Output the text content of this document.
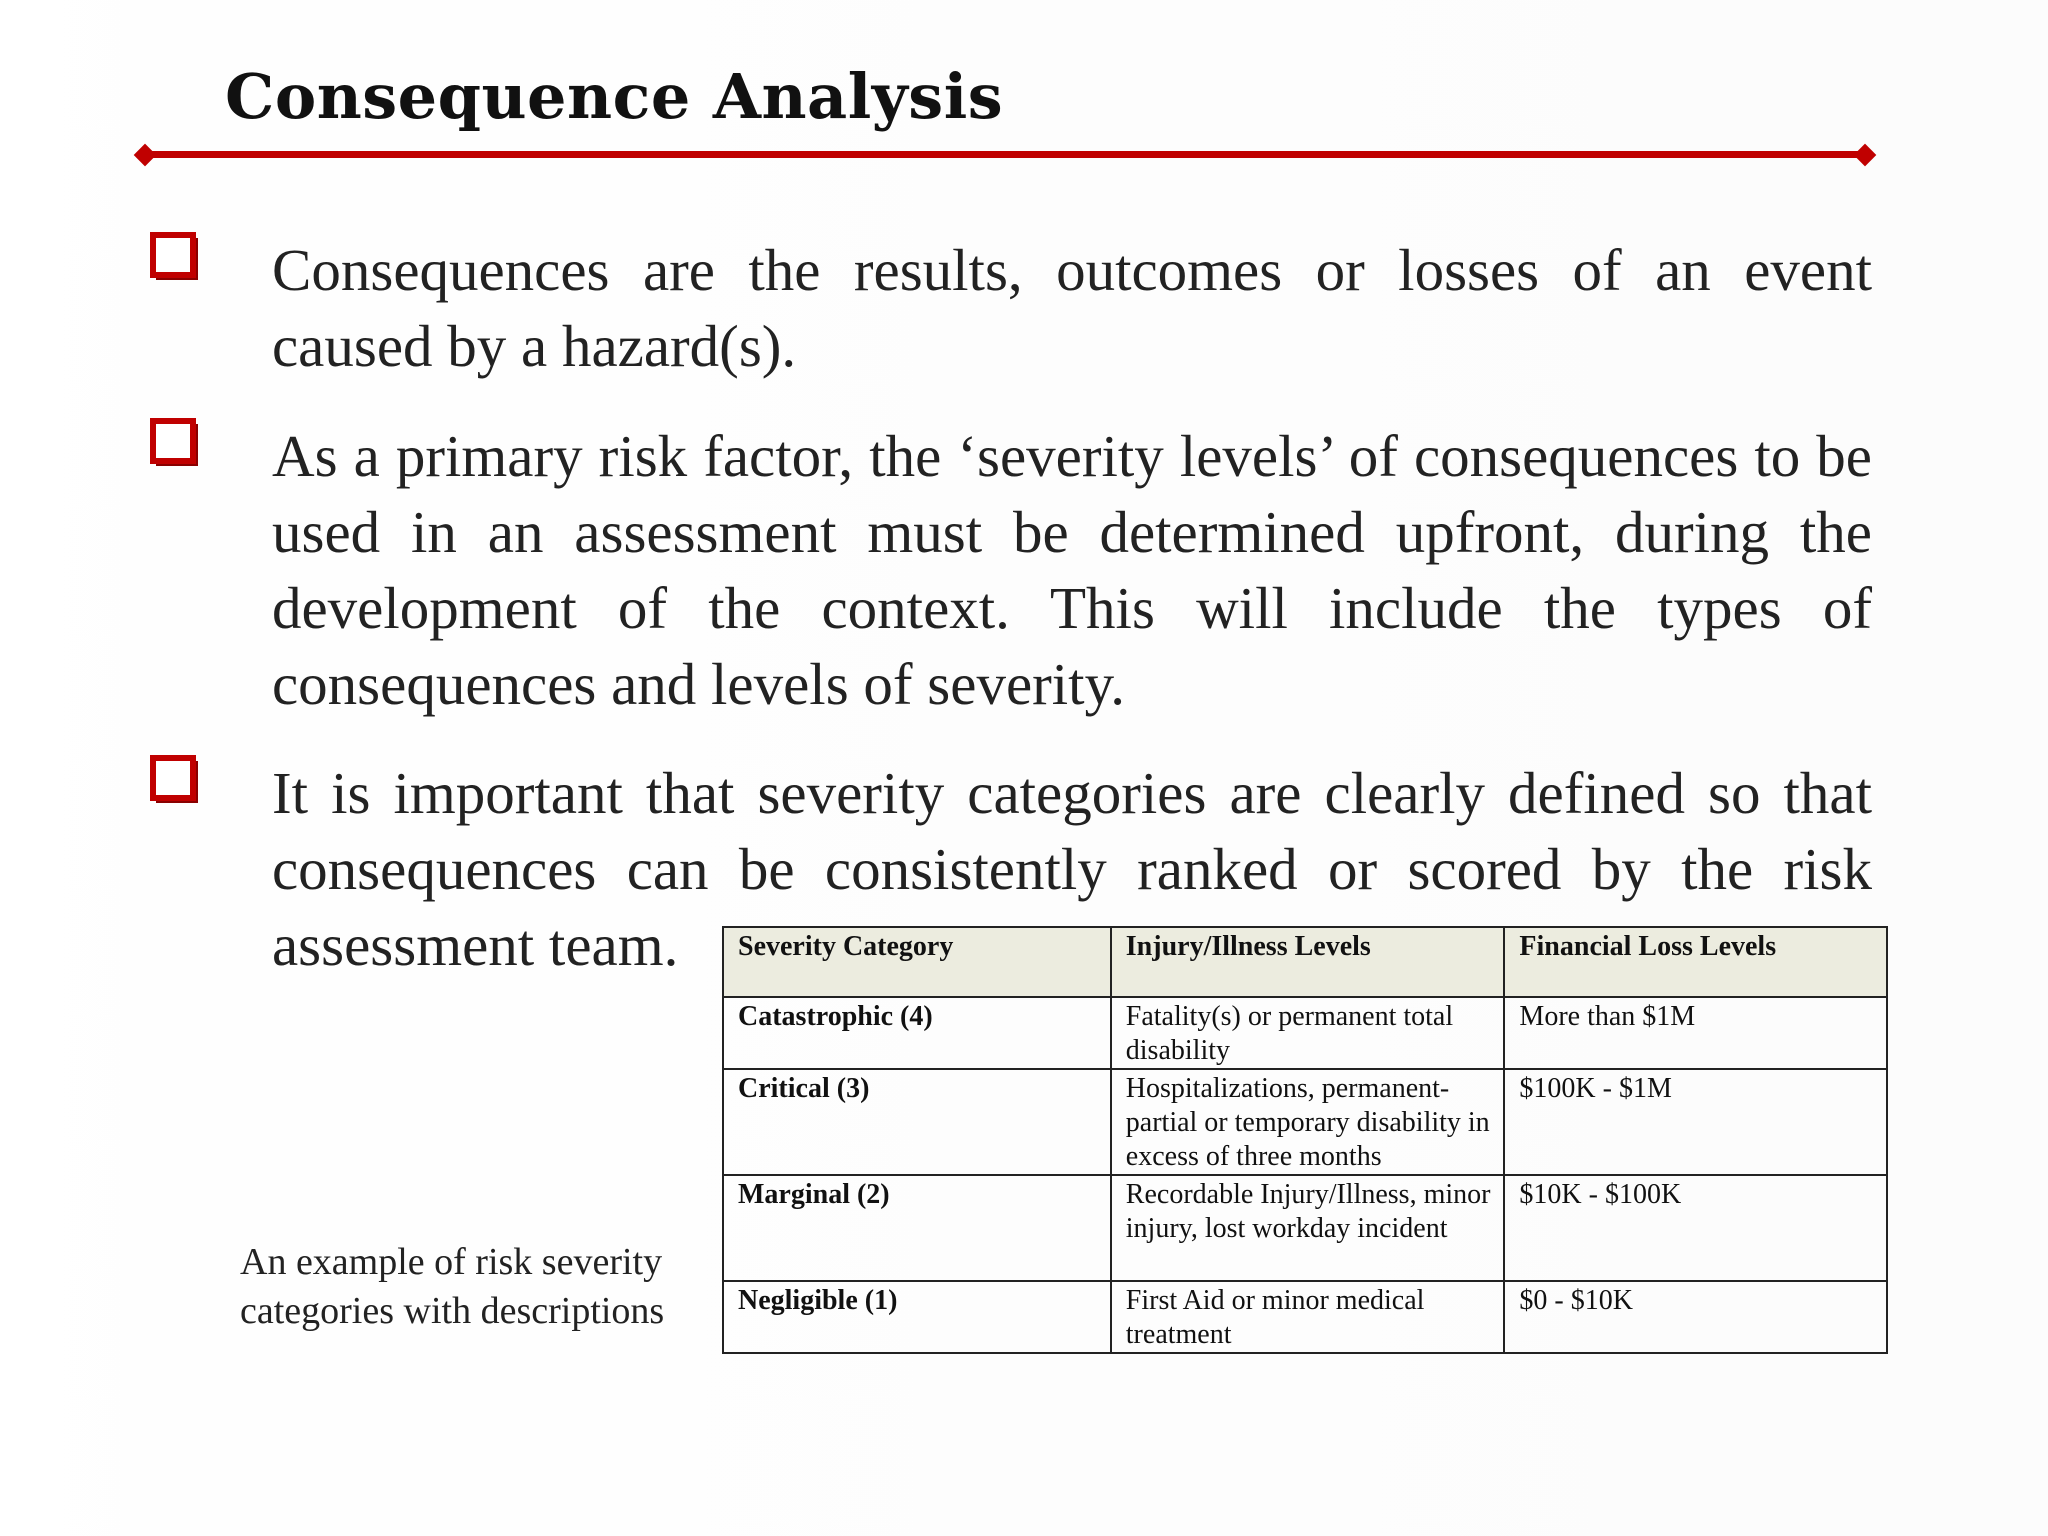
Consequence Analysis
Consequences are the results, outcomes or losses of an event caused by a hazard(s).
As a primary risk factor, the ‘severity levels’ of consequences to be used in an assessment must be determined upfront, during the development of the context. This will include the types of consequences and levels of severity.
It is important that severity categories are clearly defined so that consequences can be consistently ranked or scored by the risk assessment team.
An example of risk severity categories with descriptions
Severity Category	Injury/Illness Levels	Financial Loss Levels
Catastrophic (4)	Fatality(s) or permanent total disability	More than $1M
Critical (3)	Hospitalizations, permanent-partial or temporary disability in excess of three months	$100K - $1M
Marginal (2)	Recordable Injury/Illness, minor injury, lost workday incident	$10K - $100K
Negligible (1)	First Aid or minor medical treatment	$0 - $10K
